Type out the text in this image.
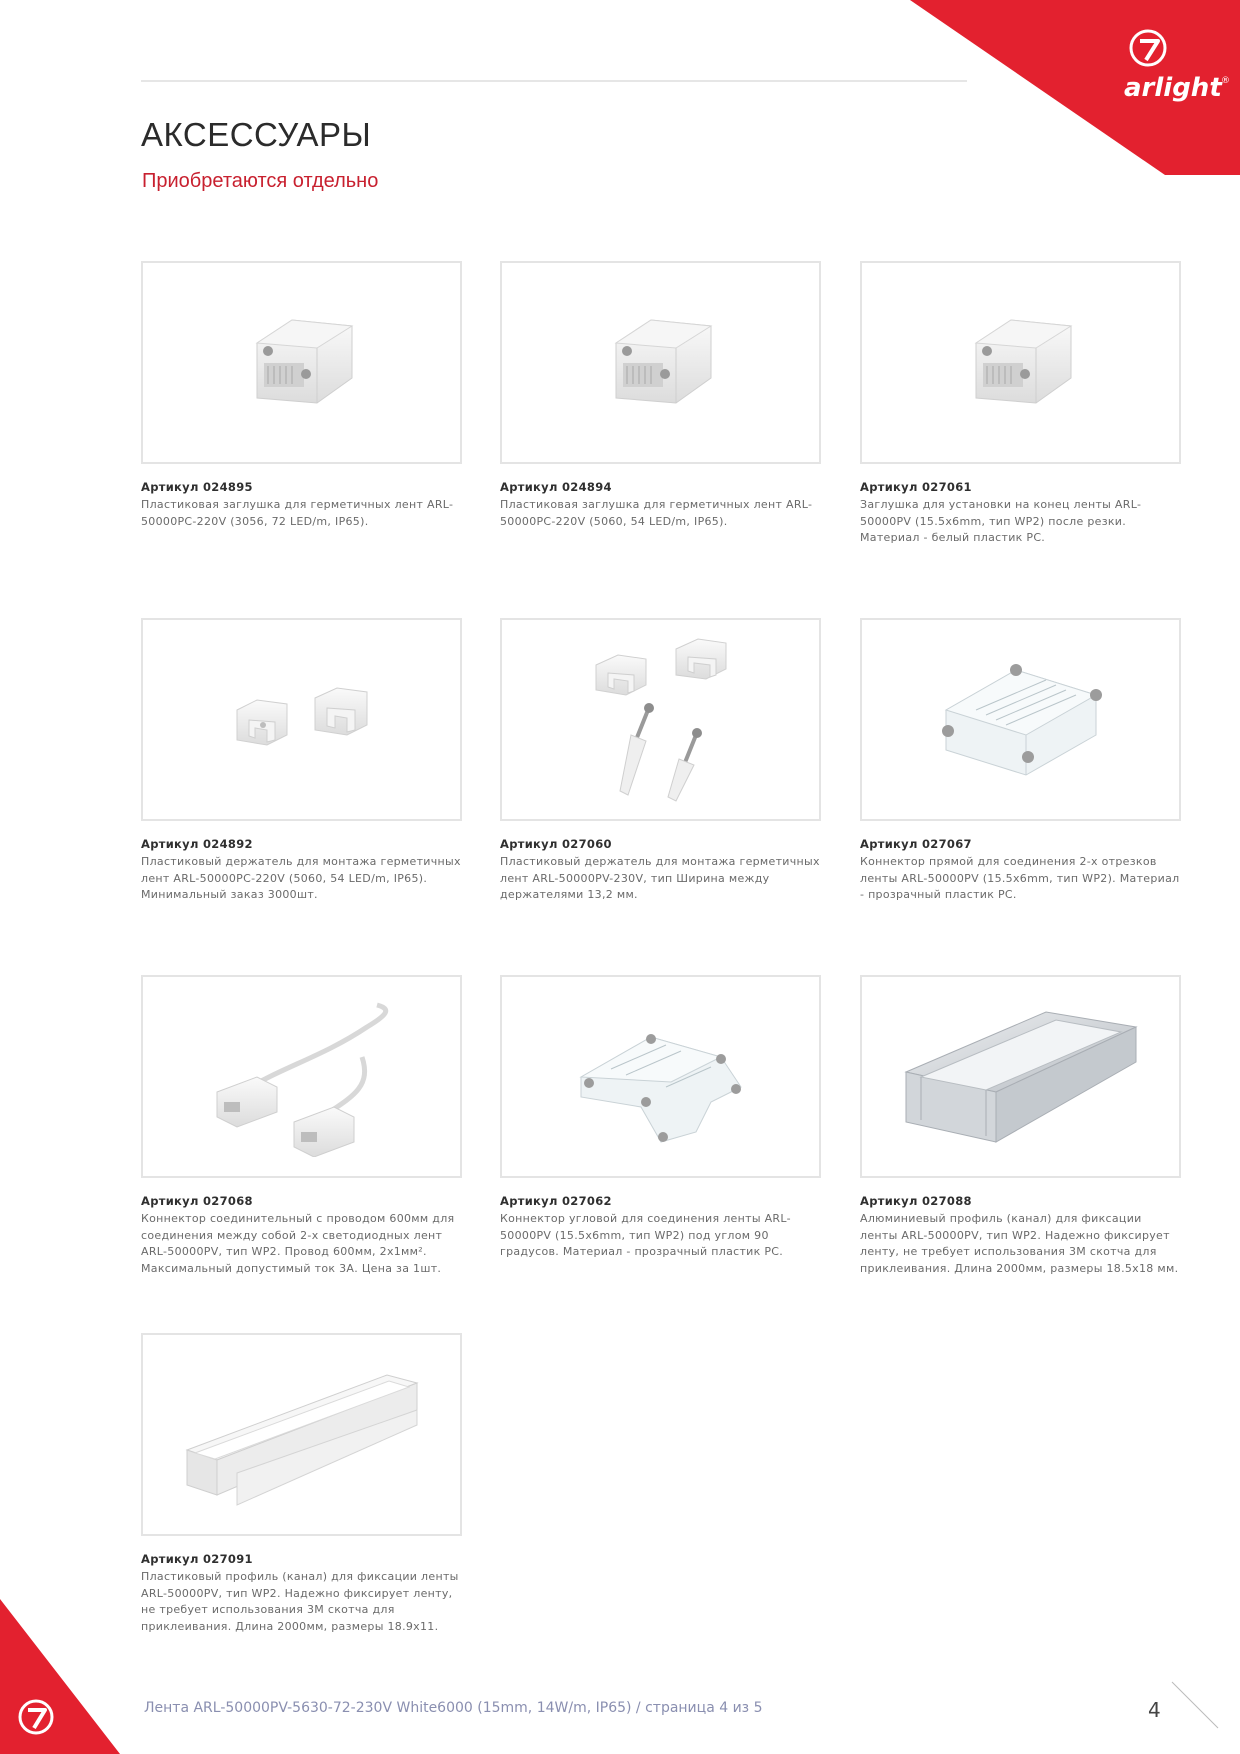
arlight ®
АКСЕССУАРЫ

Приобретаются отдельно

Артикул 024895
Пластиковая заглушка для герметичных лент ARL-50000PC-220V (3056, 72 LED/m, IP65).
Артикул 024894
Пластиковая заглушка для герметичных лент ARL-50000PC-220V (5060, 54 LED/m, IP65).
Артикул 027061
Заглушка для установки на конец ленты ARL-50000PV (15.5x6mm, тип WP2) после резки. Материал - белый пластик PC.
Артикул 024892
Пластиковый держатель для монтажа герметичных лент ARL-50000PC-220V (5060, 54 LED/m, IP65). Минимальный заказ 3000шт.
Артикул 027060
Пластиковый держатель для монтажа герметичных лент ARL-50000PV-230V, тип Ширина между держателями 13,2 мм.
Артикул 027067
Коннектор прямой для соединения 2-х отрезков ленты ARL-50000PV (15.5x6mm, тип WP2). Материал - прозрачный пластик PC.
Артикул 027068
Коннектор соединительный с проводом 600мм для соединения между собой 2-х светодиодных лент ARL-50000PV, тип WP2. Провод 600мм, 2x1мм². Максимальный допустимый ток 3А. Цена за 1шт.
Артикул 027062
Коннектор угловой для соединения ленты ARL-50000PV (15.5x6mm, тип WP2) под углом 90 градусов. Материал - прозрачный пластик PC.
Артикул 027088
Алюминиевый профиль (канал) для фиксации ленты ARL-50000PV, тип WP2. Надежно фиксирует ленту, не требует использования 3М скотча для приклеивания. Длина 2000мм, размеры 18.5x18 мм.
Артикул 027091
Пластиковый профиль (канал) для фиксации ленты ARL-50000PV, тип WP2. Надежно фиксирует ленту, не требует использования 3М скотча для приклеивания. Длина 2000мм, размеры 18.9x11.
Лента ARL-50000PV-5630-72-230V White6000 (15mm, 14W/m, IP65) / страница 4 из 5	4
